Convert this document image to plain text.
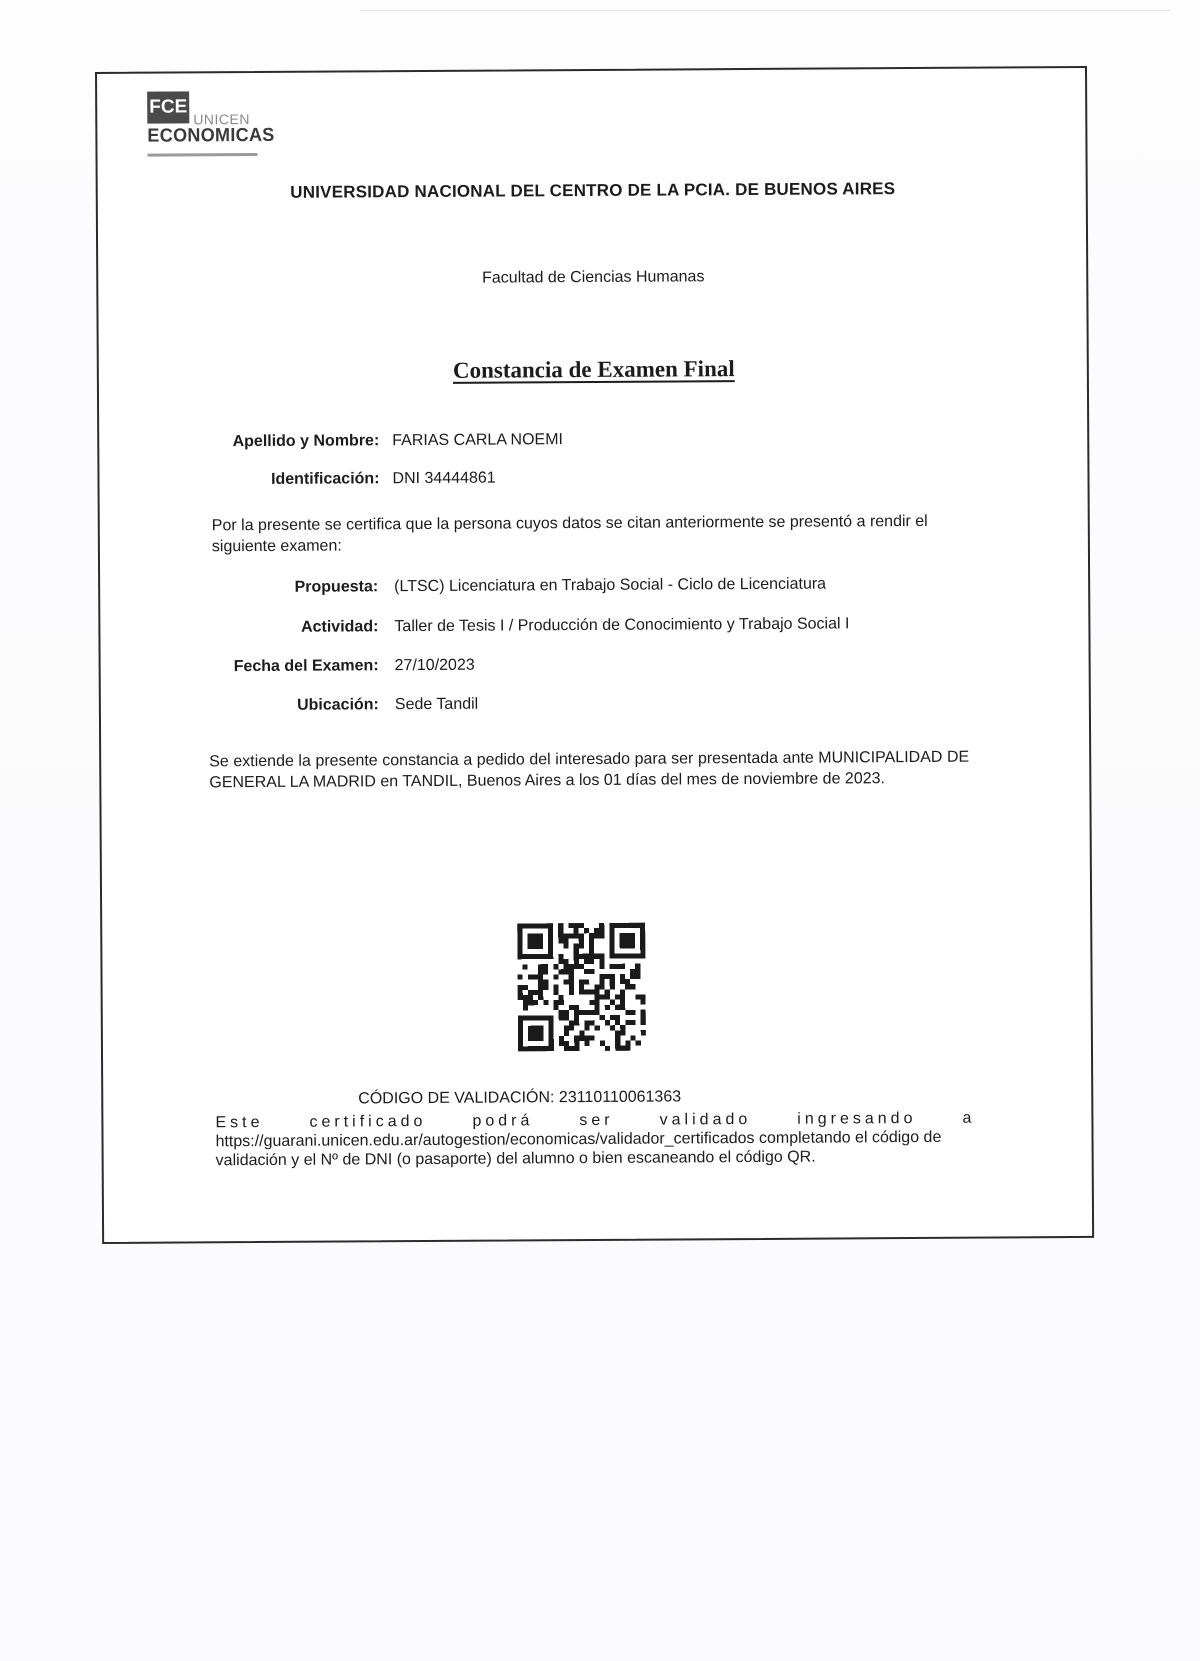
FCE
UNICEN
ECONOMICAS
UNIVERSIDAD NACIONAL DEL CENTRO DE LA PCIA. DE BUENOS AIRES
Facultad de Ciencias Humanas
Constancia de Examen Final
Apellido y Nombre: FARIAS CARLA NOEMI
Identificación: DNI 34444861
Por la presente se certifica que la persona cuyos datos se citan anteriormente se presentó a rendir el siguiente examen:
Propuesta: (LTSC) Licenciatura en Trabajo Social - Ciclo de Licenciatura
Actividad: Taller de Tesis I / Producción de Conocimiento y Trabajo Social I
Fecha del Examen: 27/10/2023
Ubicación: Sede Tandil
Se extiende la presente constancia a pedido del interesado para ser presentada ante MUNICIPALIDAD DE GENERAL LA MADRID en TANDIL, Buenos Aires a los 01 días del mes de noviembre de 2023.
CÓDIGO DE VALIDACIÓN: 23110110061363
Este	certificado	podrá	ser	validado	ingresando	a
https://guarani.unicen.edu.ar/autogestion/economicas/validador_certificados completando el código de validación y el Nº de DNI (o pasaporte) del alumno o bien escaneando el código QR.
